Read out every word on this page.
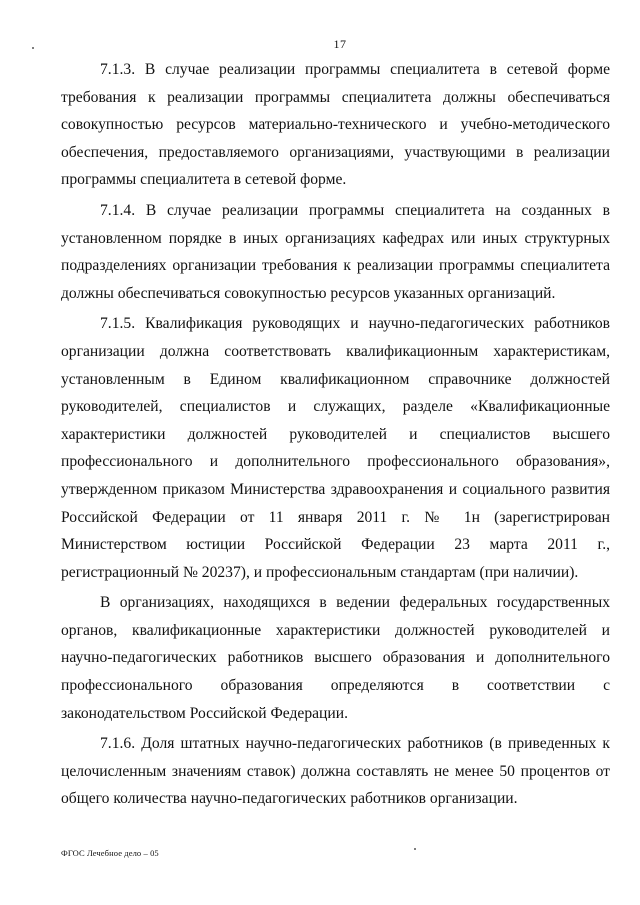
17

7.1.3. В случае реализации программы специалитета в сетевой форме требования к реализации программы специалитета должны обеспечиваться совокупностью ресурсов материально-технического и учебно-методического обеспечения, предоставляемого организациями, участвующими в реализации программы специалитета в сетевой форме.

7.1.4. В случае реализации программы специалитета на созданных в установленном порядке в иных организациях кафедрах или иных структурных подразделениях организации требования к реализации программы специалитета должны обеспечиваться совокупностью ресурсов указанных организаций.

7.1.5. Квалификация руководящих и научно-педагогических работников организации должна соответствовать квалификационным характеристикам, установленным в Едином квалификационном справочнике должностей руководителей, специалистов и служащих, разделе «Квалификационные характеристики должностей руководителей и специалистов высшего профессионального и дополнительного профессионального образования», утвержденном приказом Министерства здравоохранения и социального развития Российской Федерации от 11 января 2011 г. № 1н (зарегистрирован Министерством юстиции Российской Федерации 23 марта 2011 г., регистрационный № 20237), и профессиональным стандартам (при наличии).

В организациях, находящихся в ведении федеральных государственных органов, квалификационные характеристики должностей руководителей и научно-педагогических работников высшего образования и дополнительного профессионального образования определяются в соответствии с законодательством Российской Федерации.

7.1.6. Доля штатных научно-педагогических работников (в приведенных к целочисленным значениям ставок) должна составлять не менее 50 процентов от общего количества научно-педагогических работников организации.

ФГОС Лечебное дело – 05
